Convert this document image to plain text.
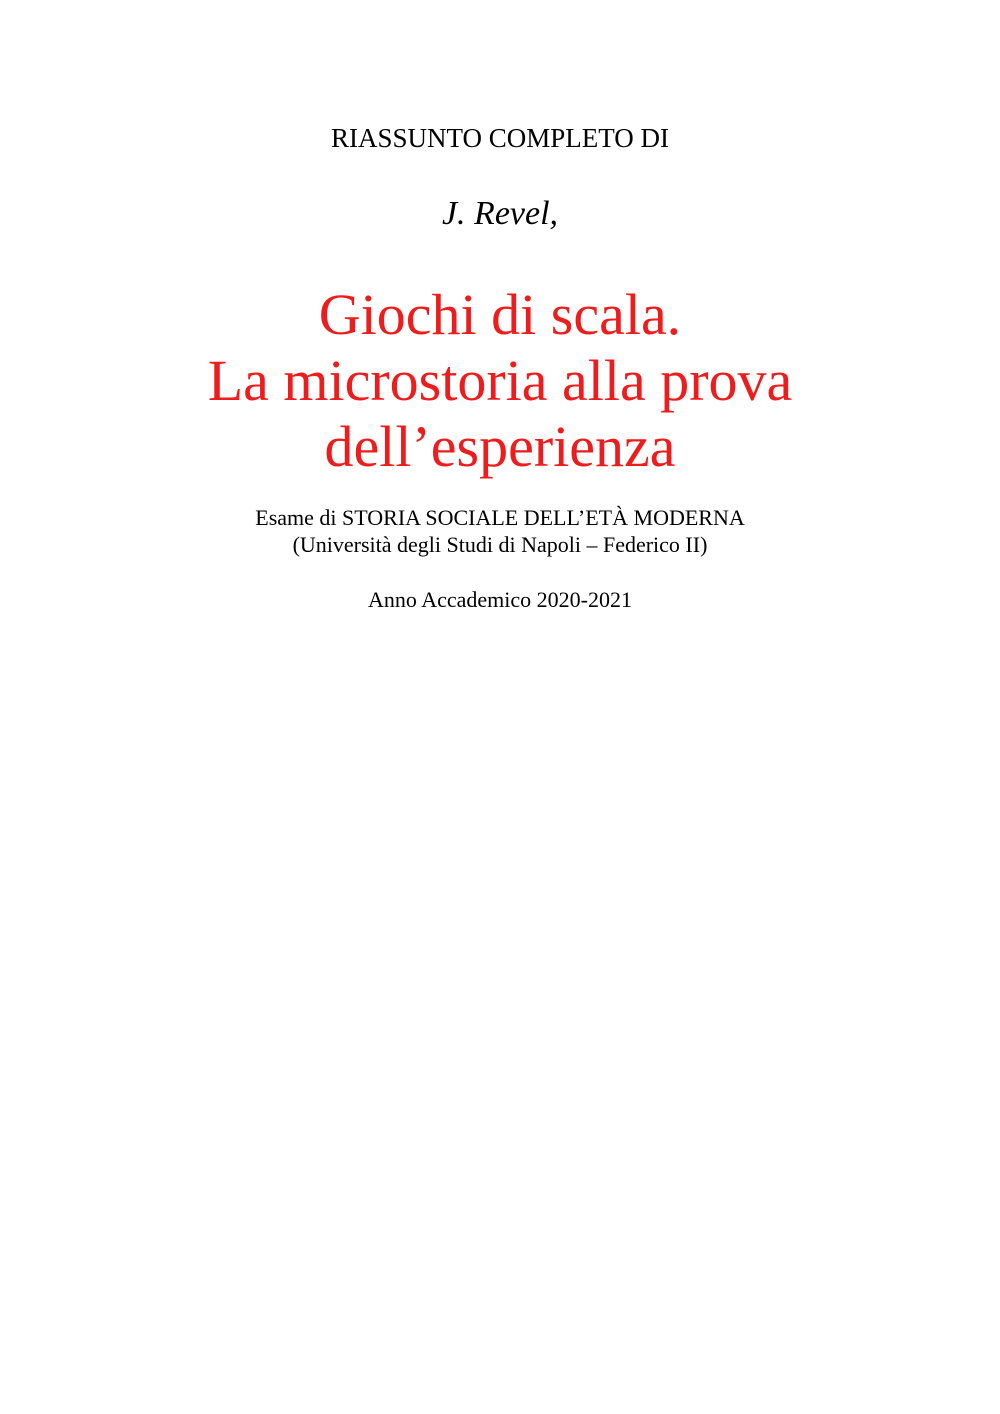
RIASSUNTO COMPLETO DI

J. Revel,

Giochi di scala.
La microstoria alla prova
dell’esperienza
Esame di STORIA SOCIALE DELL’ETÀ MODERNA
(Università degli Studi di Napoli – Federico II)

Anno Accademico 2020-2021
